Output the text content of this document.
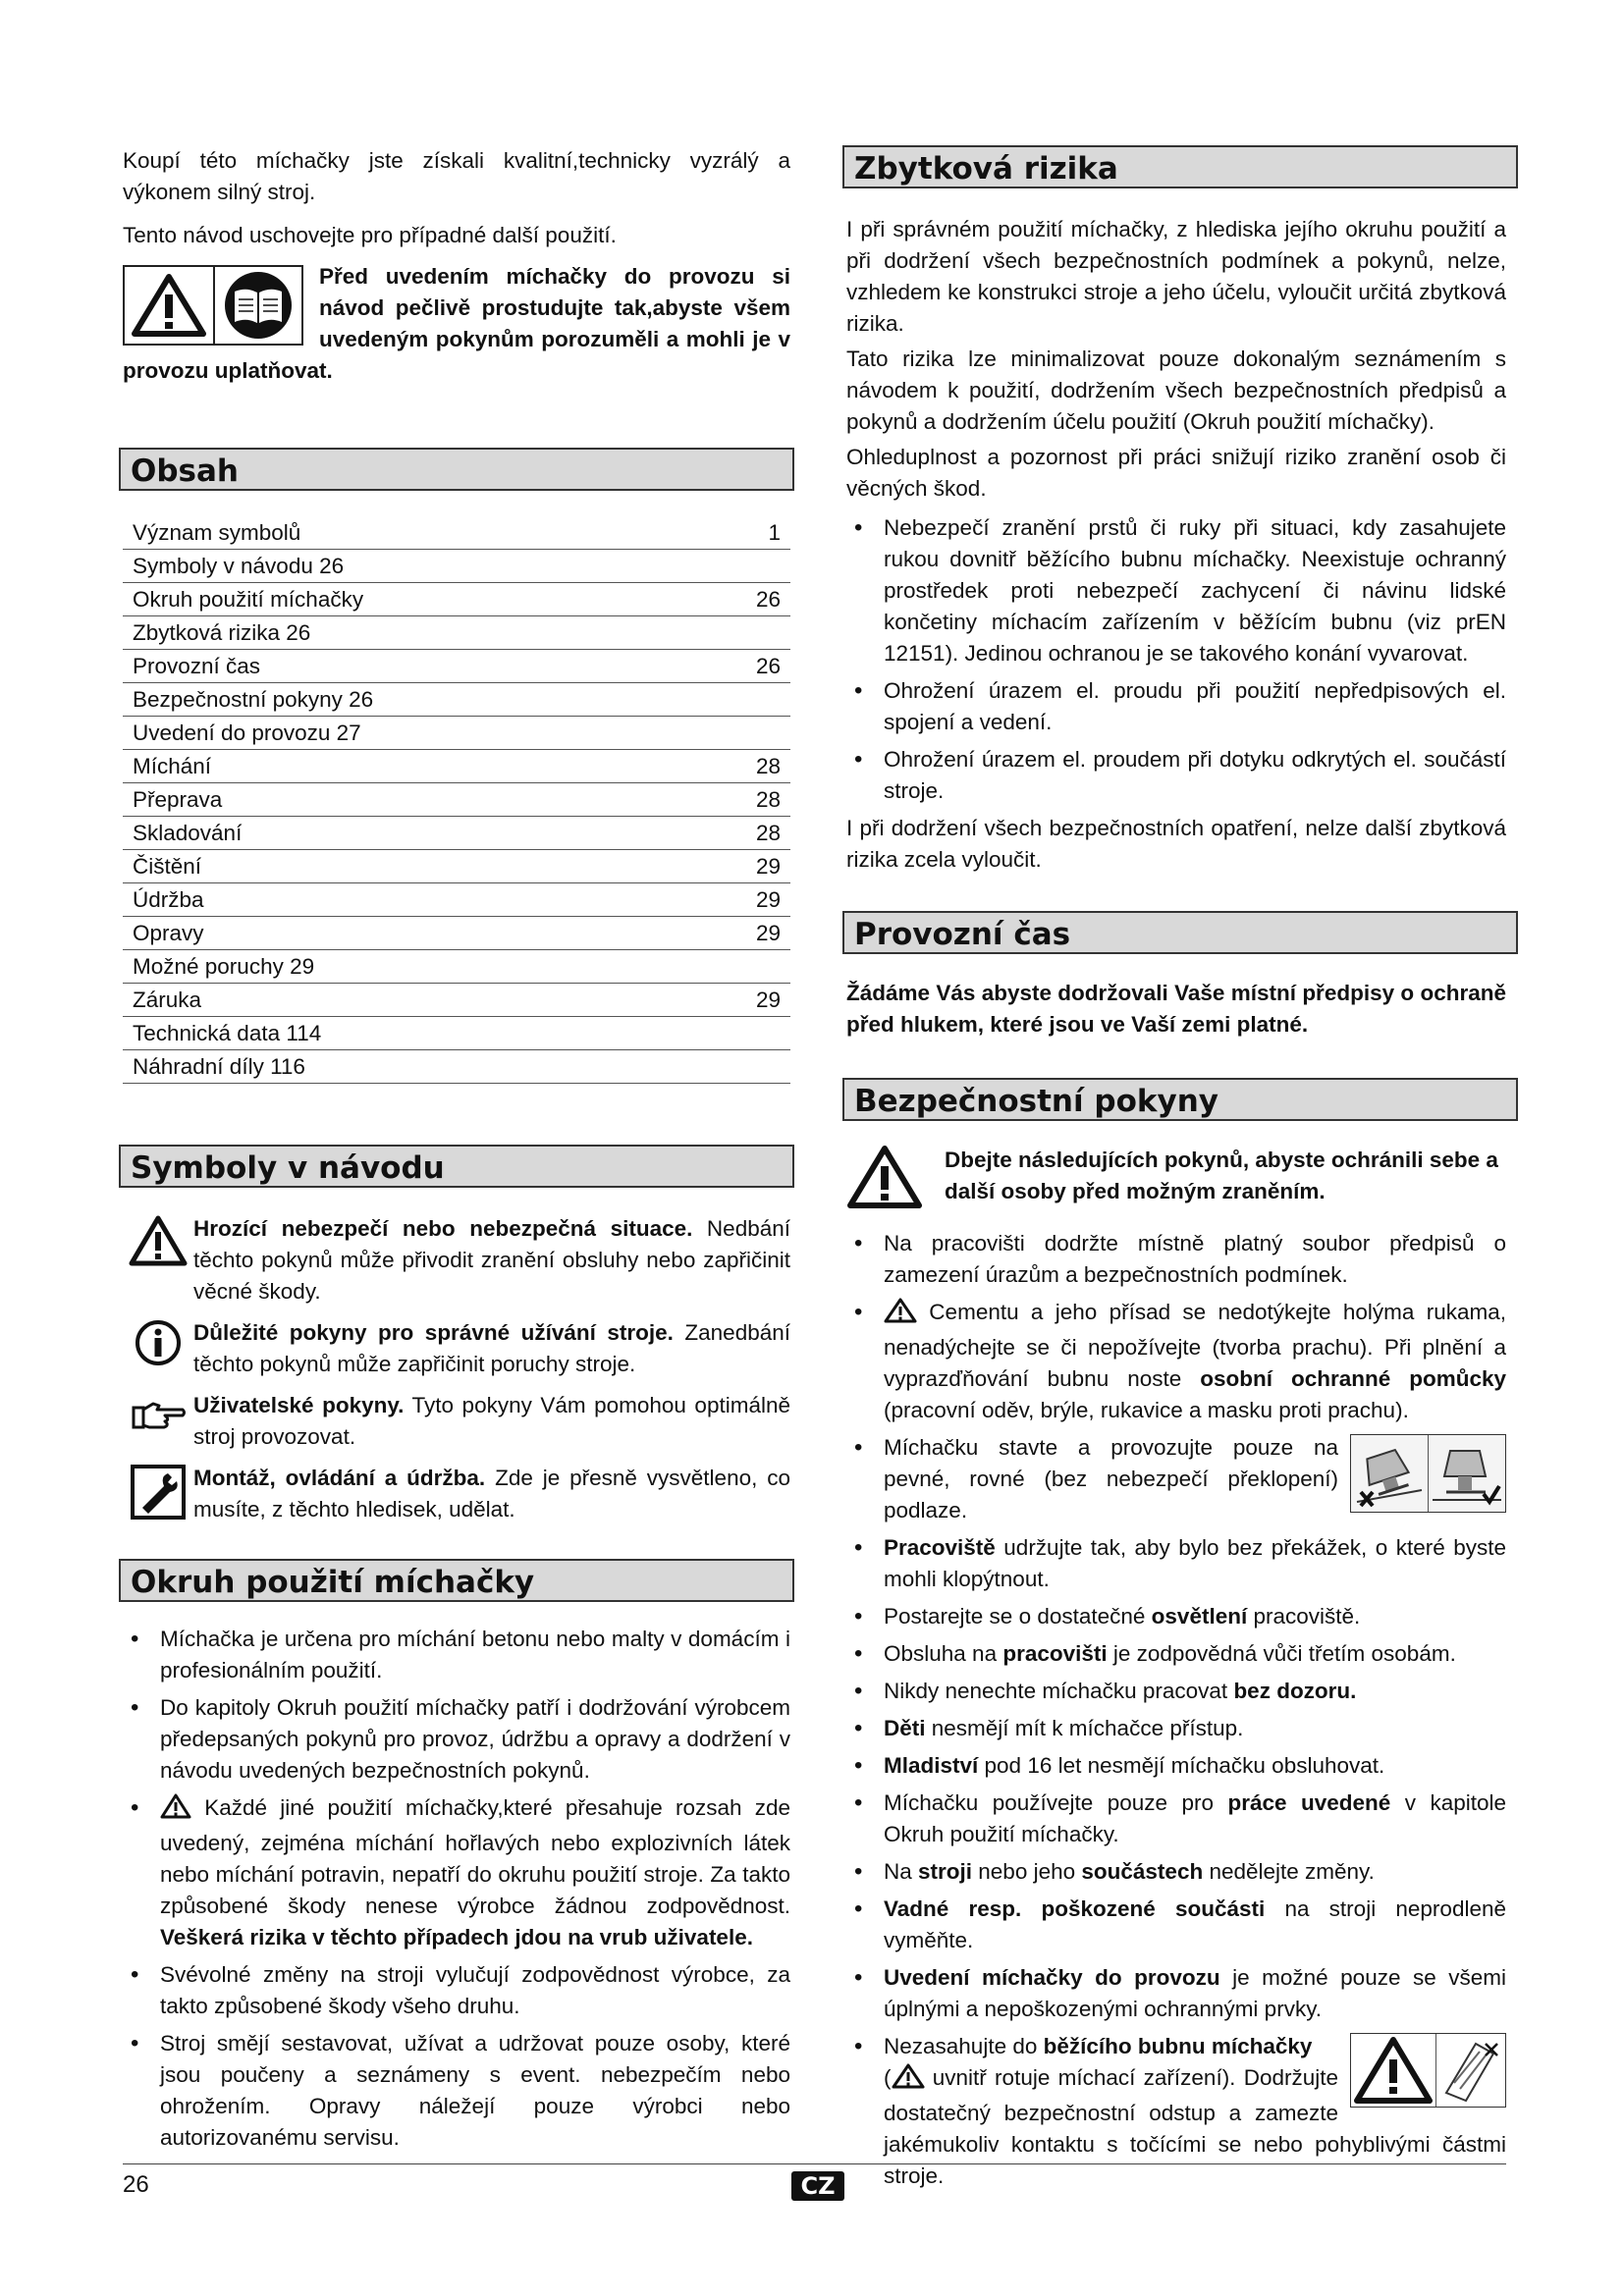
Koupí této míchačky jste získali kvalitní,technicky vyzrálý a výkonem silný stroj.

Tento návod uschovejte pro případné další použití.

Před uvedením míchačky do provozu si návod pečlivě prostudujte tak,abyste všem uvedeným pokynům porozuměli a mohli je v provozu uplatňovat.

Obsah
Význam symbolů	1
Symboly v návodu 26
Okruh použití míchačky	26
Zbytková rizika 26
Provozní čas	26
Bezpečnostní pokyny 26
Uvedení do provozu 27
Míchání	28
Přeprava	28
Skladování	28
Čištění	29
Údržba	29
Opravy	29
Možné poruchy 29
Záruka	29
Technická data 114
Náhradní díly 116
Symboly v návodu
Hrozící nebezpečí nebo nebezpečná situace. Nedbání těchto pokynů může přivodit zranění obsluhy nebo zapřičinit věcné škody.
Důležité pokyny pro správné užívání stroje. Zanedbání těchto pokynů může zapřičinit poruchy stroje.
Uživatelské pokyny. Tyto pokyny Vám pomohou optimálně stroj provozovat.
Montáž, ovládání a údržba. Zde je přesně vysvětleno, co musíte, z těchto hledisek, udělat.
Okruh použití míchačky
• Míchačka je určena pro míchání betonu nebo malty v domácím i profesionálním použití.
• Do kapitoly Okruh použití míchačky patří i dodržování výrobcem předepsaných pokynů pro provoz, údržbu a opravy a dodržení v návodu uvedených bezpečnostních pokynů.
• Každé jiné použití míchačky,které přesahuje rozsah zde uvedený, zejména míchání hořlavých nebo explozivních látek nebo míchání potravin, nepatří do okruhu použití stroje. Za takto způsobené škody nenese výrobce žádnou zodpovědnost. Veškerá rizika v těchto případech jdou na vrub uživatele.
• Svévolné změny na stroji vylučují zodpovědnost výrobce, za takto způsobené škody všeho druhu.
• Stroj smějí sestavovat, užívat a udržovat pouze osoby, které jsou poučeny a seznámeny s event. nebezpečím nebo ohrožením. Opravy náležejí pouze výrobci nebo autorizovanému servisu.
Zbytková rizika

I při správném použití míchačky, z hlediska jejího okruhu použití a při dodržení všech bezpečnostních podmínek a pokynů, nelze, vzhledem ke konstrukci stroje a jeho účelu, vyloučit určitá zbytková rizika.

Tato rizika lze minimalizovat pouze dokonalým seznámením s návodem k použití, dodržením všech bezpečnostních předpisů a pokynů a dodržením účelu použití (Okruh použití míchačky).

Ohleduplnost a pozornost při práci snižují riziko zranění osob či věcných škod.

• Nebezpečí zranění prstů či ruky při situaci, kdy zasahujete rukou dovnitř běžícího bubnu míchačky. Neexistuje ochranný prostředek proti nebezpečí zachycení či návinu lidské končetiny míchacím zařízením v běžícím bubnu (viz prEN 12151). Jedinou ochranou je se takového konání vyvarovat.
• Ohrožení úrazem el. proudu při použití nepředpisových el. spojení a vedení.
• Ohrožení úrazem el. proudem při dotyku odkrytých el. součástí stroje.

I při dodržení všech bezpečnostních opatření, nelze další zbytková rizika zcela vyloučit.

Provozní čas

Žádáme Vás abyste dodržovali Vaše místní předpisy o ochraně před hlukem, které jsou ve Vaší zemi platné.

Bezpečnostní pokyny

Dbejte následujících pokynů, abyste ochránili sebe a další osoby před možným zraněním.

• Na pracovišti dodržte místně platný soubor předpisů o zamezení úrazům a bezpečnostních podmínek.
• Cementu a jeho přísad se nedotýkejte holýma rukama, nenadýchejte se či nepožívejte (tvorba prachu). Při plnění a vyprazďňování bubnu noste osobní ochranné pomůcky (pracovní oděv, brýle, rukavice a masku proti prachu).
• Míchačku stavte a provozujte pouze na pevné, rovné (bez nebezpečí překlopení) podlaze.
• Pracoviště udržujte tak, aby bylo bez překážek, o které byste mohli klopýtnout.
• Postarejte se o dostatečné osvětlení pracoviště.
• Obsluha na pracovišti je zodpovědná vůči třetím osobám.
• Nikdy nenechte míchačku pracovat bez dozoru.
• Děti nesmějí mít k míchačce přístup.
• Mladiství pod 16 let nesmějí míchačku obsluhovat.
• Míchačku používejte pouze pro práce uvedené v kapitole Okruh použití míchačky.
• Na stroji nebo jeho součástech nedělejte změny.
• Vadné resp. poškozené součásti na stroji neprodleně vyměňte.
• Uvedení míchačky do provozu je možné pouze se všemi úplnými a nepoškozenými ochrannými prvky.
• Nezasahujte do běžícího bubnu míchačky
( uvnitř rotuje míchací zařízení). Dodržujte dostatečný bezpečnostní odstup a zamezte jakémukoliv kontaktu s točícími se nebo pohyblivými částmi stroje.
26	CZ
